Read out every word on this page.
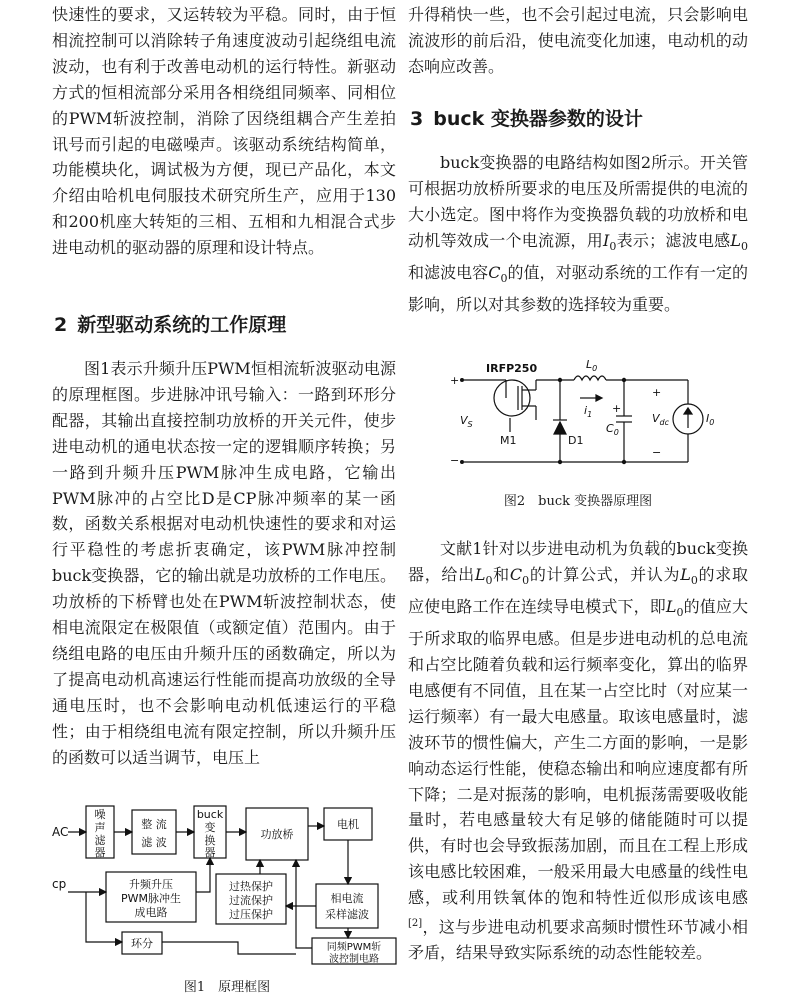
快速性的要求，又运转较为平稳。同时，由于恒相流控制可以消除转子角速度波动引起绕组电流波动，也有利于改善电动机的运行特性。新驱动方式的恒相流部分采用各相绕组同频率、同相位的PWM斩波控制，消除了因绕组耦合产生差拍讯号而引起的电磁噪声。该驱动系统结构简单，功能模块化，调试极为方便，现已产品化，本文介绍由哈机电伺服技术研究所生产，应用于130和200机座大转矩的三相、五相和九相混合式步进电动机的驱动器的原理和设计特点。

2 新型驱动系统的工作原理

图1表示升频升压PWM恒相流斩波驱动电源的原理框图。步进脉冲讯号输入：一路到环形分配器，其输出直接控制功放桥的开关元件，使步进电动机的通电状态按一定的逻辑顺序转换；另一路到升频升压PWM脉冲生成电路，它输出PWM脉冲的占空比D是CP脉冲频率的某一函数，函数关系根据对电动机快速性的要求和对运行平稳性的考虑折衷确定，该PWM脉冲控制buck变换器，它的输出就是功放桥的工作电压。功放桥的下桥臂也处在PWM斩波控制状态，使相电流限定在极限值（或额定值）范围内。由于绕组电路的电压由升频升压的函数确定，所以为了提高电动机高速运行性能而提高功放级的全导通电压时，也不会影响电动机低速运行的平稳性；由于相绕组电流有限定控制，所以升频升压的函数可以适当调节，电压上

AC
cp
噪
声
滤
器
整 流
滤 波
buck
变
换
器
功放桥
电机
升频升压
PWM脉冲生
成电路
过热保护
过流保护
过压保护
相电流
采样滤波
环分	同频PWM斩
波控制电路
图1　原理框图

升得稍快一些，也不会引起过电流，只会影响电流波形的前后沿，使电流变化加速，电动机的动态响应改善。

3 buck 变换器参数的设计

buck变换器的电路结构如图2所示。开关管可根据功放桥所要求的电压及所需提供的电流的大小选定。图中将作为变换器负载的功放桥和电动机等效成一个电流源，用$I_0$表示；滤波电感$L_0$和滤波电容$C_0$的值，对驱动系统的工作有一定的影响，所以对其参数的选择较为重要。

+
−
$V_S$
IRFP250
M1	D1
$L_0$
$i_1$
$C_0$
+
$V_{dc}$	$I_0$
+
−
图2　buck 变换器原理图

文献1针对以步进电动机为负载的buck变换器，给出$L_0$和$C_0$的计算公式，并认为$L_0$的求取应使电路工作在连续导电模式下，即$L_0$的值应大于所求取的临界电感。但是步进电动机的总电流和占空比随着负载和运行频率变化，算出的临界电感便有不同值，且在某一占空比时（对应某一运行频率）有一最大电感量。取该电感量时，滤波环节的惯性偏大，产生二方面的影响，一是影响动态运行性能，使稳态输出和响应速度都有所下降；二是对振荡的影响，电机振荡需要吸收能量时，若电感量较大有足够的储能随时可以提供，有时也会导致振荡加剧，而且在工程上形成该电感比较困难，一般采用最大电感量的线性电感，或利用铁氧体的饱和特性近似形成该电感[2]，这与步进电动机要求高频时惯性环节减小相矛盾，结果导致实际系统的动态性能较差。
